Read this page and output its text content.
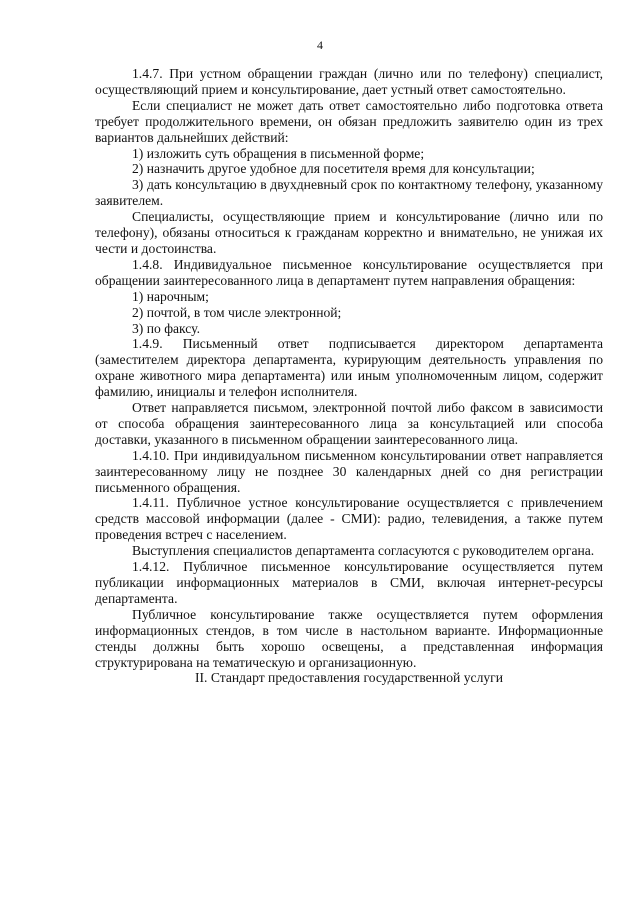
4

1.4.7. При устном обращении граждан (лично или по телефону) специалист, осуществляющий прием и консультирование, дает устный ответ самостоятельно.

Если специалист не может дать ответ самостоятельно либо подготовка ответа требует продолжительного времени, он обязан предложить заявителю один из трех вариантов дальнейших действий:

1) изложить суть обращения в письменной форме;

2) назначить другое удобное для посетителя время для консультации;

3) дать консультацию в двухдневный срок по контактному телефону, указанному заявителем.

Специалисты, осуществляющие прием и консультирование (лично или по телефону), обязаны относиться к гражданам корректно и внимательно, не унижая их чести и достоинства.

1.4.8. Индивидуальное письменное консультирование осуществляется при обращении заинтересованного лица в департамент путем направления обращения:

1) нарочным;

2) почтой, в том числе электронной;

3) по факсу.

1.4.9. Письменный ответ подписывается директором департамента (заместителем директора департамента, курирующим деятельность управления по охране животного мира департамента) или иным уполномоченным лицом, содержит фамилию, инициалы и телефон исполнителя.

Ответ направляется письмом, электронной почтой либо факсом в зависимости от способа обращения заинтересованного лица за консультацией или способа доставки, указанного в письменном обращении заинтересованного лица.

1.4.10. При индивидуальном письменном консультировании ответ направляется заинтересованному лицу не позднее 30 календарных дней со дня регистрации письменного обращения.

1.4.11. Публичное устное консультирование осуществляется с привлечением средств массовой информации (далее - СМИ): радио, телевидения, а также путем проведения встреч с населением.

Выступления специалистов департамента согласуются с руководителем органа.

1.4.12. Публичное письменное консультирование осуществляется путем публикации информационных материалов в СМИ, включая интернет-ресурсы департамента.

Публичное консультирование также осуществляется путем оформления информационных стендов, в том числе в настольном варианте. Информационные стенды должны быть хорошо освещены, а представленная информация структурирована на тематическую и организационную.

II. Стандарт предоставления государственной услуги
